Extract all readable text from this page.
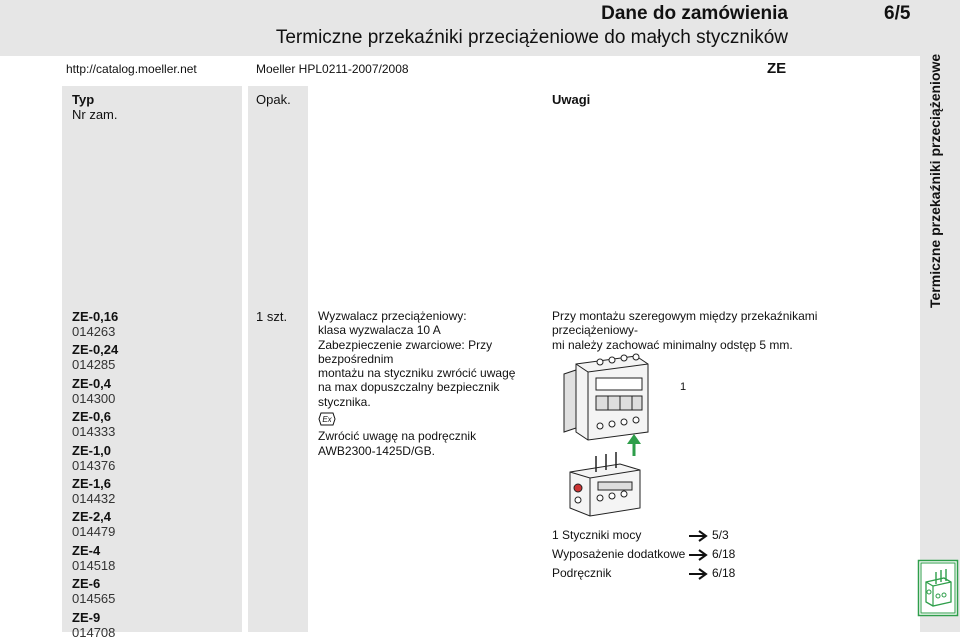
Dane do zamówienia	6/5
Termiczne przekaźniki przeciążeniowe do małych styczników
http://catalog.moeller.net	Moeller HPL0211-2007/2008	ZE
Typ
Nr zam.
Opak.	Uwagi
ZE-0,16
014263
ZE-0,24
014285
ZE-0,4
014300
ZE-0,6
014333
ZE-1,0
014376
ZE-1,6
014432
ZE-2,4
014479
ZE-4
014518
ZE-6
014565
ZE-9
014708
1 szt.	Wyzwalacz przeciążeniowy:
klasa wyzwalacza 10 A
Zabezpieczenie zwarciowe: Przy bezpośrednim
montażu na styczniku zwrócić uwagę
na max dopuszczalny bezpiecznik stycznika.
Ex
Zwrócić uwagę na podręcznik
AWB2300-1425D/GB.
Przy montażu szeregowym między przekaźnikami przeciążeniowy-
mi należy zachować minimalny odstęp 5 mm.
1
1 Styczniki mocy	5/3
Wyposażenie dodatkowe 6/18
Podręcznik	6/18
Termiczne przekaźniki przeciążeniowe
